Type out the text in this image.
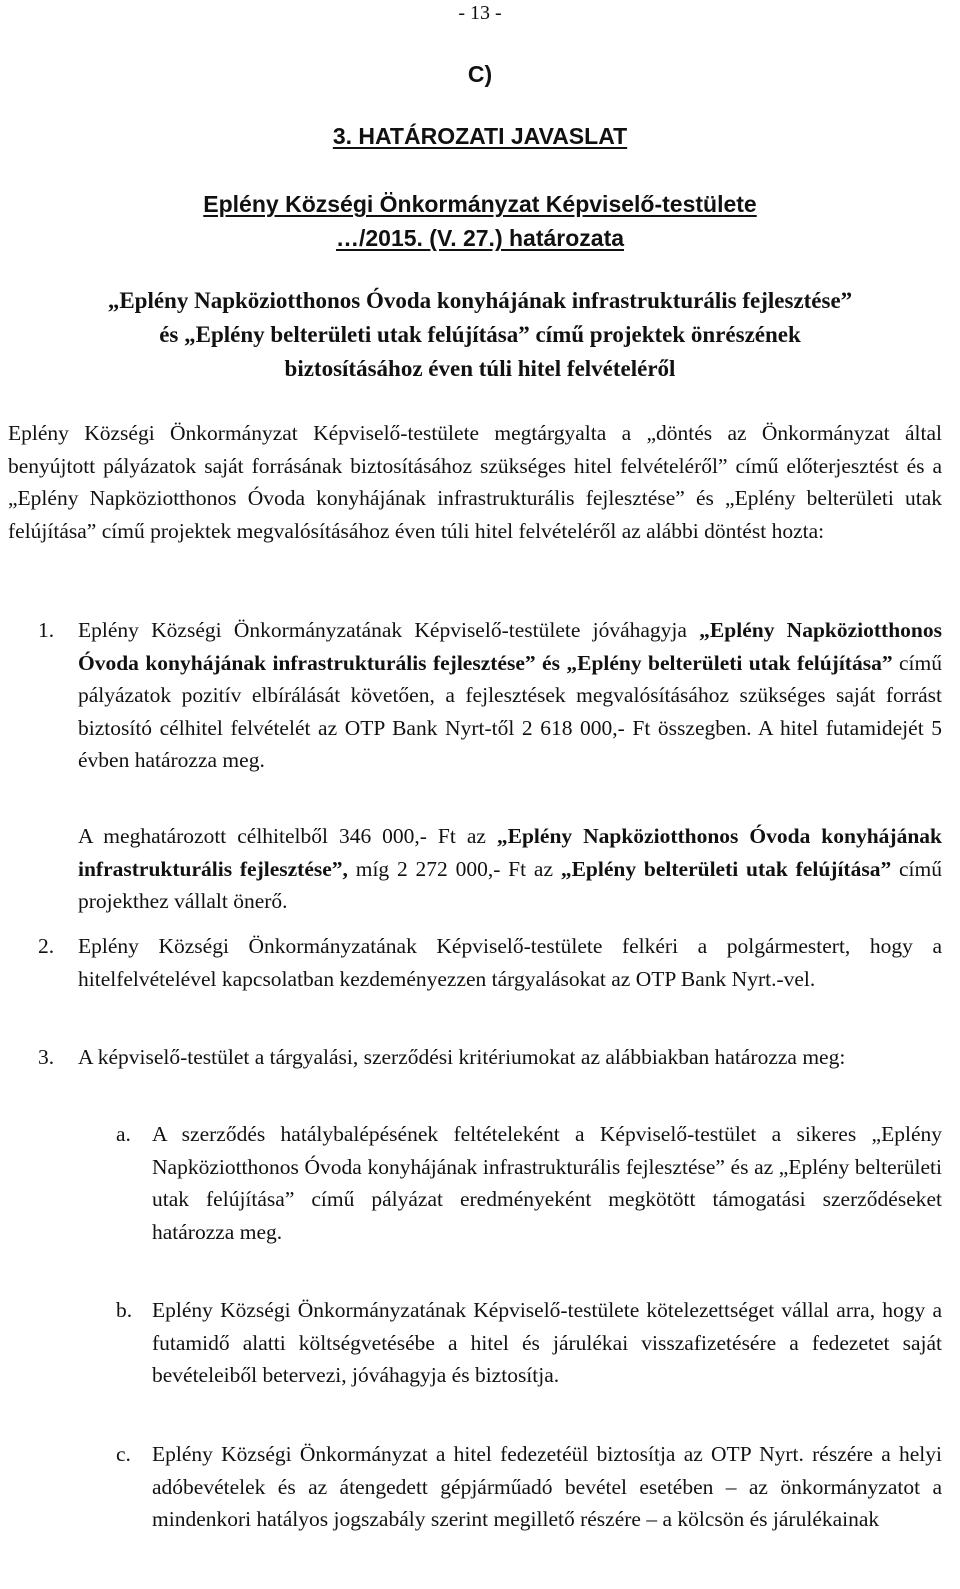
- 13 -
C)
3. HATÁROZATI JAVASLAT
Eplény Községi Önkormányzat Képviselő-testülete
…/2015. (V. 27.) határozata
„Eplény Napköziotthonos Óvoda konyhájának infrastrukturális fejlesztése”
és „Eplény belterületi utak felújítása” című projektek önrészének
biztosításához éven túli hitel felvételéről

Eplény Községi Önkormányzat Képviselő-testülete megtárgyalta a „döntés az Önkormányzat által benyújtott pályázatok saját forrásának biztosításához szükséges hitel felvételéről” című előterjesztést és a „Eplény Napköziotthonos Óvoda konyhájának infrastrukturális fejlesztése” és „Eplény belterületi utak felújítása” című projektek megvalósításához éven túli hitel felvételéről az alábbi döntést hozta:

1. Eplény Községi Önkormányzatának Képviselő-testülete jóváhagyja „Eplény Napköziotthonos Óvoda konyhájának infrastrukturális fejlesztése” és „Eplény belterületi utak felújítása” című pályázatok pozitív elbírálását követően, a fejlesztések megvalósításához szükséges saját forrást biztosító célhitel felvételét az OTP Bank Nyrt-től 2 618 000,- Ft összegben. A hitel futamidejét 5 évben határozza meg.
A meghatározott célhitelből 346 000,- Ft az „Eplény Napköziotthonos Óvoda konyhájának infrastrukturális fejlesztése”, míg 2 272 000,- Ft az „Eplény belterületi utak felújítása” című projekthez vállalt önerő.
2. Eplény Községi Önkormányzatának Képviselő-testülete felkéri a polgármestert, hogy a hitelfelvételével kapcsolatban kezdeményezzen tárgyalásokat az OTP Bank Nyrt.-vel.
3. A képviselő-testület a tárgyalási, szerződési kritériumokat az alábbiakban határozza meg:
a. A szerződés hatálybalépésének feltételeként a Képviselő-testület a sikeres „Eplény Napköziotthonos Óvoda konyhájának infrastrukturális fejlesztése” és az „Eplény belterületi utak felújítása” című pályázat eredményeként megkötött támogatási szerződéseket határozza meg.
b. Eplény Községi Önkormányzatának Képviselő-testülete kötelezettséget vállal arra, hogy a futamidő alatti költségvetésébe a hitel és járulékai visszafizetésére a fedezetet saját bevételeiből betervezi, jóváhagyja és biztosítja.
c. Eplény Községi Önkormányzat a hitel fedezetéül biztosítja az OTP Nyrt. részére a helyi adóbevételek és az átengedett gépjárműadó bevétel esetében – az önkormányzatot a mindenkori hatályos jogszabály szerint megillető részére – a kölcsön és járulékainak
